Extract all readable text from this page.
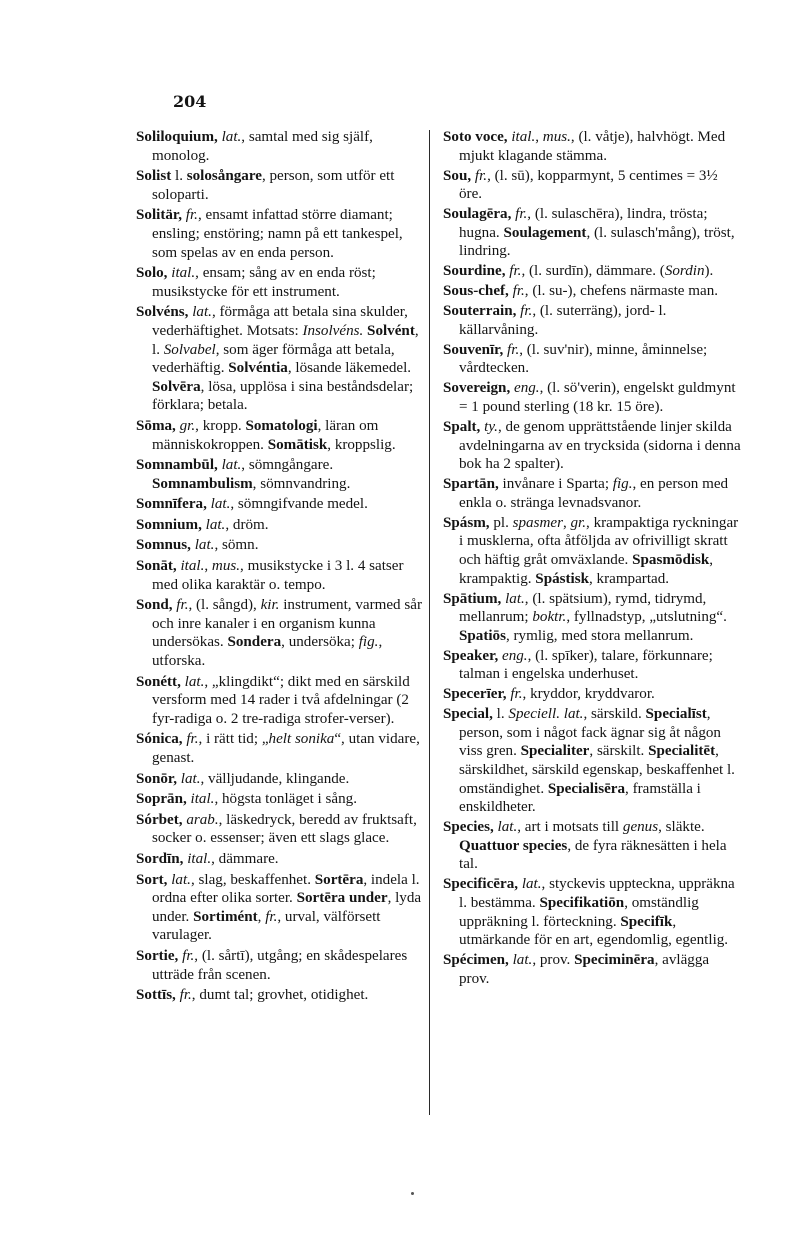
204

Soliloquium, lat., samtal med sig själf, monolog.

Solist l. solosångare, person, som utför ett soloparti.

Solitär, fr., ensamt infattad större diamant; ensling; enstöring; namn på ett tankespel, som spelas av en enda person.

Solo, ital., ensam; sång av en enda röst; musikstycke för ett instrument.

Solvéns, lat., förmåga att betala sina skulder, vederhäftighet. Motsats: Insolvéns. Solvént, l. Solvabel, som äger förmåga att betala, vederhäftig. Solvéntia, lösande läkemedel. Solvēra, lösa, upplösa i sina beståndsdelar; förklara; betala.

Sōma, gr., kropp. Somatologi, läran om människokroppen. Somātisk, kroppslig.

Somnambūl, lat., sömngångare. Somnambulism, sömnvandring.

Somnīfera, lat., sömngifvande medel.

Somnium, lat., dröm.

Somnus, lat., sömn.

Sonāt, ital., mus., musikstycke i 3 l. 4 satser med olika karaktär o. tempo.

Sond, fr., (l. sångd), kir. instrument, varmed sår och inre kanaler i en organism kunna undersökas. Sondera, undersöka; fig., utforska.

Sonétt, lat., „klingdikt“; dikt med en särskild versform med 14 rader i två afdelningar (2 fyr-radiga o. 2 tre-radiga strofer-verser).

Sónica, fr., i rätt tid; „helt sonika“, utan vidare, genast.

Sonōr, lat., välljudande, klingande.

Soprān, ital., högsta tonläget i sång.

Sórbet, arab., läskedryck, beredd av fruktsaft, socker o. essenser; även ett slags glace.

Sordīn, ital., dämmare.

Sort, lat., slag, beskaffenhet. Sortēra, indela l. ordna efter olika sorter. Sortēra under, lyda under. Sortimént, fr., urval, välförsett varulager.

Sortie, fr., (l. sårtī), utgång; en skådespelares utträde från scenen.

Sottīs, fr., dumt tal; grovhet, otidighet.

Soto voce, ital., mus., (l. våtje), halvhögt. Med mjukt klagande stämma.

Sou, fr., (l. sū), kopparmynt, 5 centimes = 3½ öre.

Soulagēra, fr., (l. sulaschēra), lindra, trösta; hugna. Soulagement, (l. sulasch'mång), tröst, lindring.

Sourdine, fr., (l. surdīn), dämmare. (Sordin).

Sous-chef, fr., (l. su-), chefens närmaste man.

Souterrain, fr., (l. suterräng), jord- l. källarvåning.

Souvenīr, fr., (l. suv'nir), minne, åminnelse; vårdtecken.

Sovereign, eng., (l. sö'verin), engelskt guldmynt = 1 pound sterling (18 kr. 15 öre).

Spalt, ty., de genom upprättstående linjer skilda avdelningarna av en trycksida (sidorna i denna bok ha 2 spalter).

Spartān, invånare i Sparta; fig., en person med enkla o. stränga levnadsvanor.

Spásm, pl. spasmer, gr., krampaktiga ryckningar i musklerna, ofta åtföljda av ofrivilligt skratt och häftig gråt omväxlande. Spasmōdisk, krampaktig. Spástisk, krampartad.

Spātium, lat., (l. spätsium), rymd, tidrymd, mellanrum; boktr., fyllnadstyp, „utslutning“. Spatiōs, rymlig, med stora mellanrum.

Speaker, eng., (l. spīker), talare, förkunnare; talman i engelska underhuset.

Specerīer, fr., kryddor, kryddvaror.

Special, l. Speciell. lat., särskild. Specialīst, person, som i något fack ägnar sig åt någon viss gren. Specialiter, särskilt. Specialitēt, särskildhet, särskild egenskap, beskaffenhet l. omständighet. Specialisēra, framställa i enskildheter.

Species, lat., art i motsats till genus, släkte. Quattuor species, de fyra räknesätten i hela tal.

Specificēra, lat., styckevis uppteckna, uppräkna l. bestämma. Specifikatiōn, omständlig uppräkning l. förteckning. Specifīk, utmärkande för en art, egendomlig, egentlig.

Spécimen, lat., prov. Speciminēra, avlägga prov.
